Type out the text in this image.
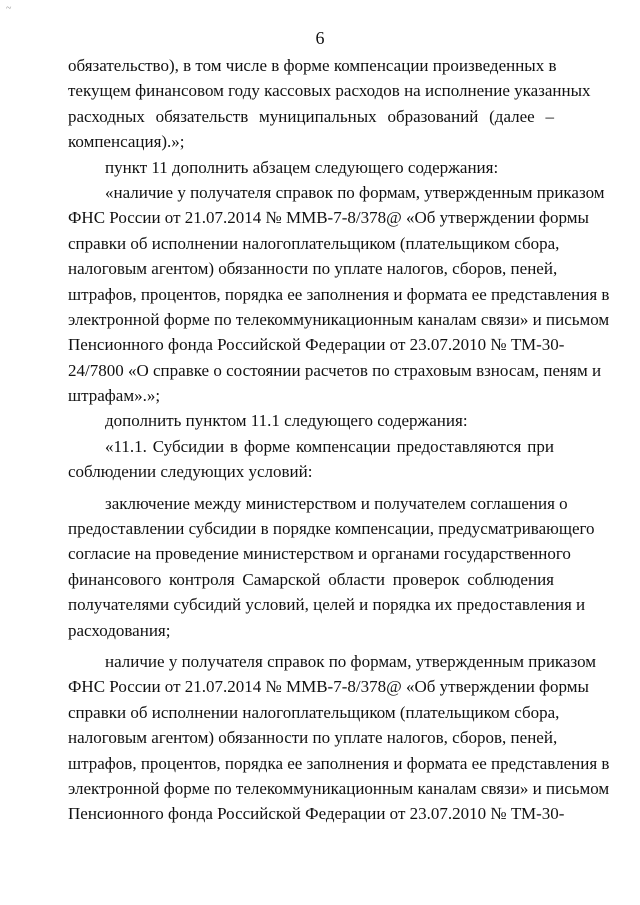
~
6
обязательство), в том числе в форме компенсации произведенных в
текущем финансовом году кассовых расходов на исполнение указанных
расходных обязательств муниципальных образований (далее –
компенсация).»;
пункт 11 дополнить абзацем следующего содержания:
«наличие у получателя справок по формам, утвержденным приказом
ФНС России от 21.07.2014 № ММВ-7-8/378@ «Об утверждении формы
справки об исполнении налогоплательщиком (плательщиком сбора,
налоговым агентом) обязанности по уплате налогов, сборов, пеней,
штрафов, процентов, порядка ее заполнения и формата ее представления в
электронной форме по телекоммуникационным каналам связи» и письмом
Пенсионного фонда Российской Федерации от 23.07.2010 № ТМ-30-
24/7800 «О справке о состоянии расчетов по страховым взносам, пеням и
штрафам».»;
дополнить пунктом 11.1 следующего содержания:
«11.1. Субсидии в форме компенсации предоставляются при
соблюдении следующих условий:
заключение между министерством и получателем соглашения о
предоставлении субсидии в порядке компенсации, предусматривающего
согласие на проведение министерством и органами государственного
финансового контроля Самарской области проверок соблюдения
получателями субсидий условий, целей и порядка их предоставления и
расходования;
наличие у получателя справок по формам, утвержденным приказом
ФНС России от 21.07.2014 № ММВ-7-8/378@ «Об утверждении формы
справки об исполнении налогоплательщиком (плательщиком сбора,
налоговым агентом) обязанности по уплате налогов, сборов, пеней,
штрафов, процентов, порядка ее заполнения и формата ее представления в
электронной форме по телекоммуникационным каналам связи» и письмом
Пенсионного фонда Российской Федерации от 23.07.2010 № ТМ-30-
